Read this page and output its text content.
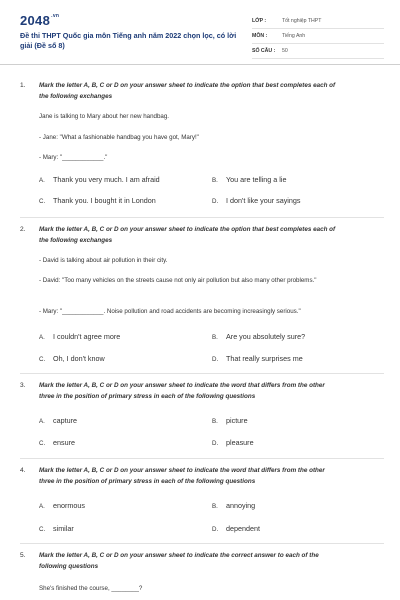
$2048^{.vn}$
Đề thi THPT Quốc gia môn Tiếng anh năm 2022 chọn lọc, có lời giải (Đề số 8)
LỚP :	Tốt nghiệp THPT
MÔN :	Tiếng Anh
SỐ CÂU :	50
1. Mark the letter A, B, C or D on your answer sheet to indicate the option that best completes each of the following exchanges
Jane is talking to Mary about her new handbag.
- Jane: "What a fashionable handbag you have got, Mary!"
- Mary: "____________."
A. Thank you very much. I am afraid	B. You are telling a lie
C. Thank you. I bought it in London	D. I don't like your sayings
2. Mark the letter A, B, C or D on your answer sheet to indicate the option that best completes each of the following exchanges
- David is talking about air pollution in their city.
- David: "Too many vehicles on the streets cause not only air pollution but also many other problems."
- Mary: "____________. Noise pollution and road accidents are becoming increasingly serious."
A. I couldn't agree more	B. Are you absolutely sure?
C. Oh, I don't know	D. That really surprises me
3. Mark the letter A, B, C or D on your answer sheet to indicate the word that differs from the other three in the position of primary stress in each of the following questions
A. capture	B. picture
C. ensure	D. pleasure
4. Mark the letter A, B, C or D on your answer sheet to indicate the word that differs from the other three in the position of primary stress in each of the following questions
A. enormous	B. annoying
C. similar	D. dependent
5. Mark the letter A, B, C or D on your answer sheet to indicate the correct answer to each of the following questions
She's finished the course, ________?
